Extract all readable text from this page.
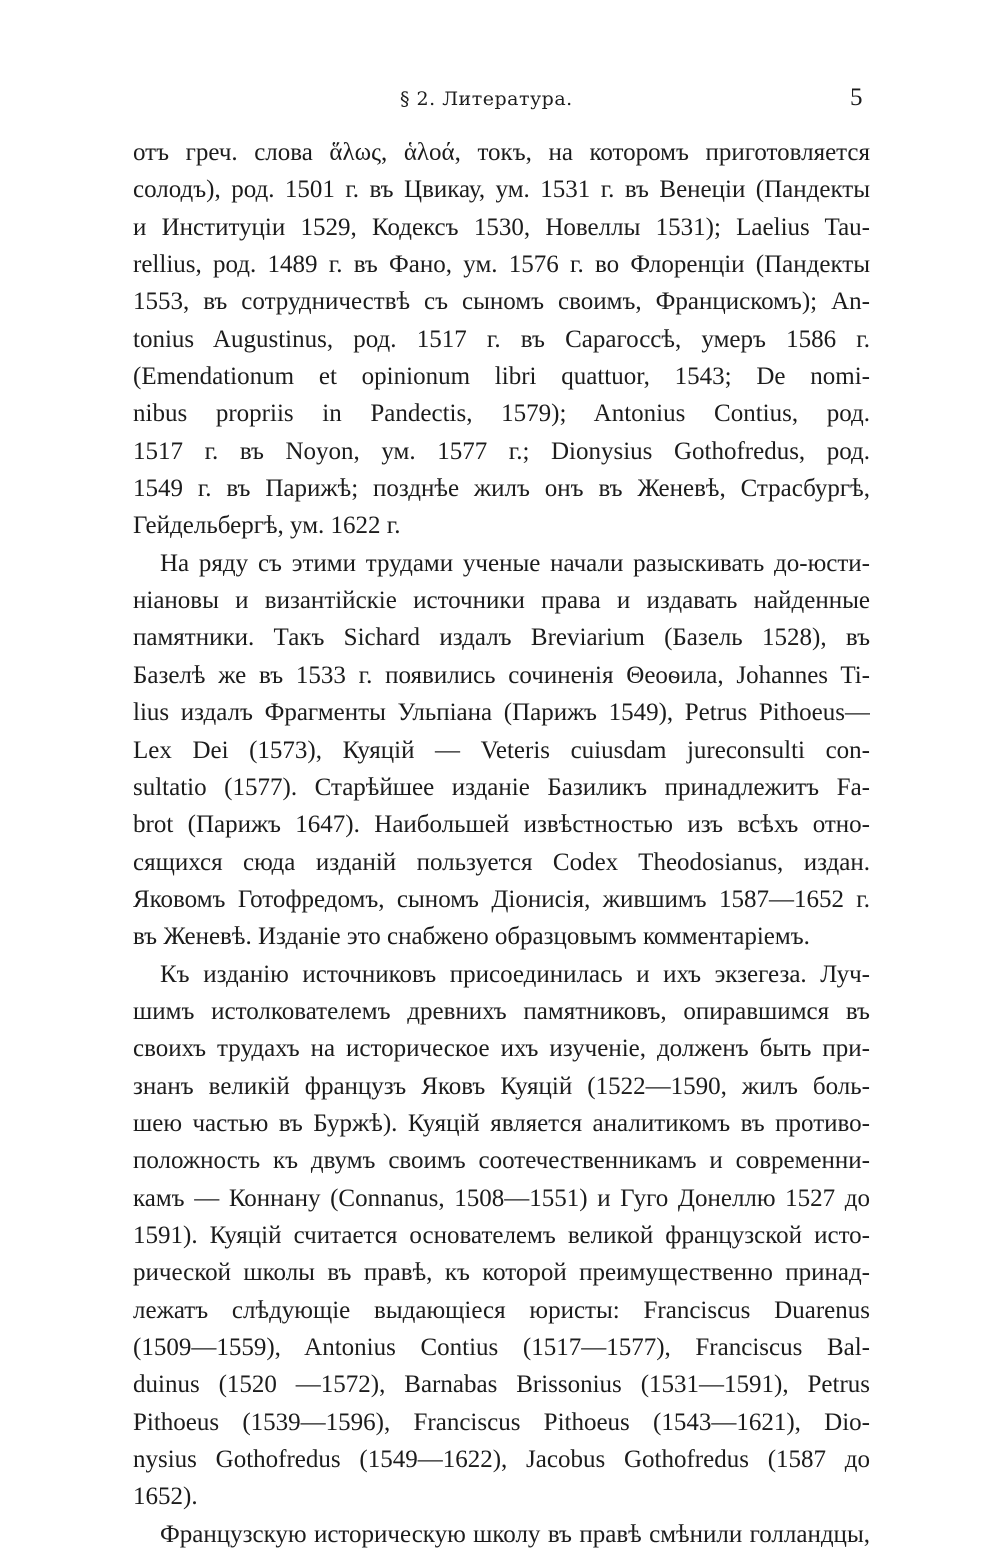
§ 2. Литература.	5
отъ греч. слова ἅλως, ἁλοά, токъ, на которомъ приготовляется
солодъ), род. 1501 г. въ Цвикау, ум. 1531 г. въ Венеціи (Пандекты
и Институціи 1529, Кодексъ 1530, Новеллы 1531); Laelius Tau-
rellius, род. 1489 г. въ Фано, ум. 1576 г. во Флоренціи (Пандекты
1553, въ сотрудничествѣ съ сыномъ своимъ, Францискомъ); An-
tonius Augustinus, род. 1517 г. въ Сарагоссѣ, умеръ 1586 г.
(Emendationum et opinionum libri quattuor, 1543; De nomi-
nibus propriis in Pandectis, 1579); Antonius Contius, род.
1517 г. въ Noyon, ум. 1577 г.; Dionysius Gothofredus, род.
1549 г. въ Парижѣ; позднѣе жилъ онъ въ Женевѣ, Страсбургѣ,
Гейдельбергѣ, ум. 1622 г.
На ряду съ этими трудами ученые начали разыскивать до-юсти-
ніановы и византійскіе источники права и издавать найденные
памятники. Такъ Sichard издалъ Breviarium (Базель 1528), въ
Базелѣ же въ 1533 г. появились сочиненія Θеоѳила, Johannes Ti-
lius издалъ Фрагменты Ульпіана (Парижъ 1549), Petrus Pithoeus—
Lex Dei (1573), Куяцій — Veteris cuiusdam jureconsulti con-
sultatio (1577). Старѣйшее изданіе Базиликъ принадлежитъ Fa-
brot (Парижъ 1647). Наибольшей извѣстностью изъ всѣхъ отно-
сящихся сюда изданій пользуется Codex Theodosianus, издан.
Яковомъ Готофредомъ, сыномъ Діонисія, жившимъ 1587—1652 г.
въ Женевѣ. Изданіе это снабжено образцовымъ комментаріемъ.
Къ изданію источниковъ присоединилась и ихъ экзегеза. Луч-
шимъ истолкователемъ древнихъ памятниковъ, опиравшимся въ
своихъ трудахъ на историческое ихъ изученіе, долженъ быть при-
знанъ великій французъ Яковъ Куяцій (1522—1590, жилъ боль-
шею частью въ Буржѣ). Куяцій является аналитикомъ въ противо-
положность къ двумъ своимъ соотечественникамъ и современни-
камъ — Коннану (Connanus, 1508—1551) и Гуго Донеллю 1527 до
1591). Куяцій считается основателемъ великой французской исто-
рической школы въ правѣ, къ которой преимущественно принад-
лежатъ слѣдующіе выдающіеся юристы: Franciscus Duarenus
(1509—1559), Antonius Contius (1517—1577), Franciscus Bal-
duinus (1520 —1572), Barnabas Brissonius (1531—1591), Petrus
Pithoeus (1539—1596), Franciscus Pithoeus (1543—1621), Dio-
nysius Gothofredus (1549—1622), Jacobus Gothofredus (1587 до
1652).
Французскую историческую школу въ правѣ смѣнили голландцы,
